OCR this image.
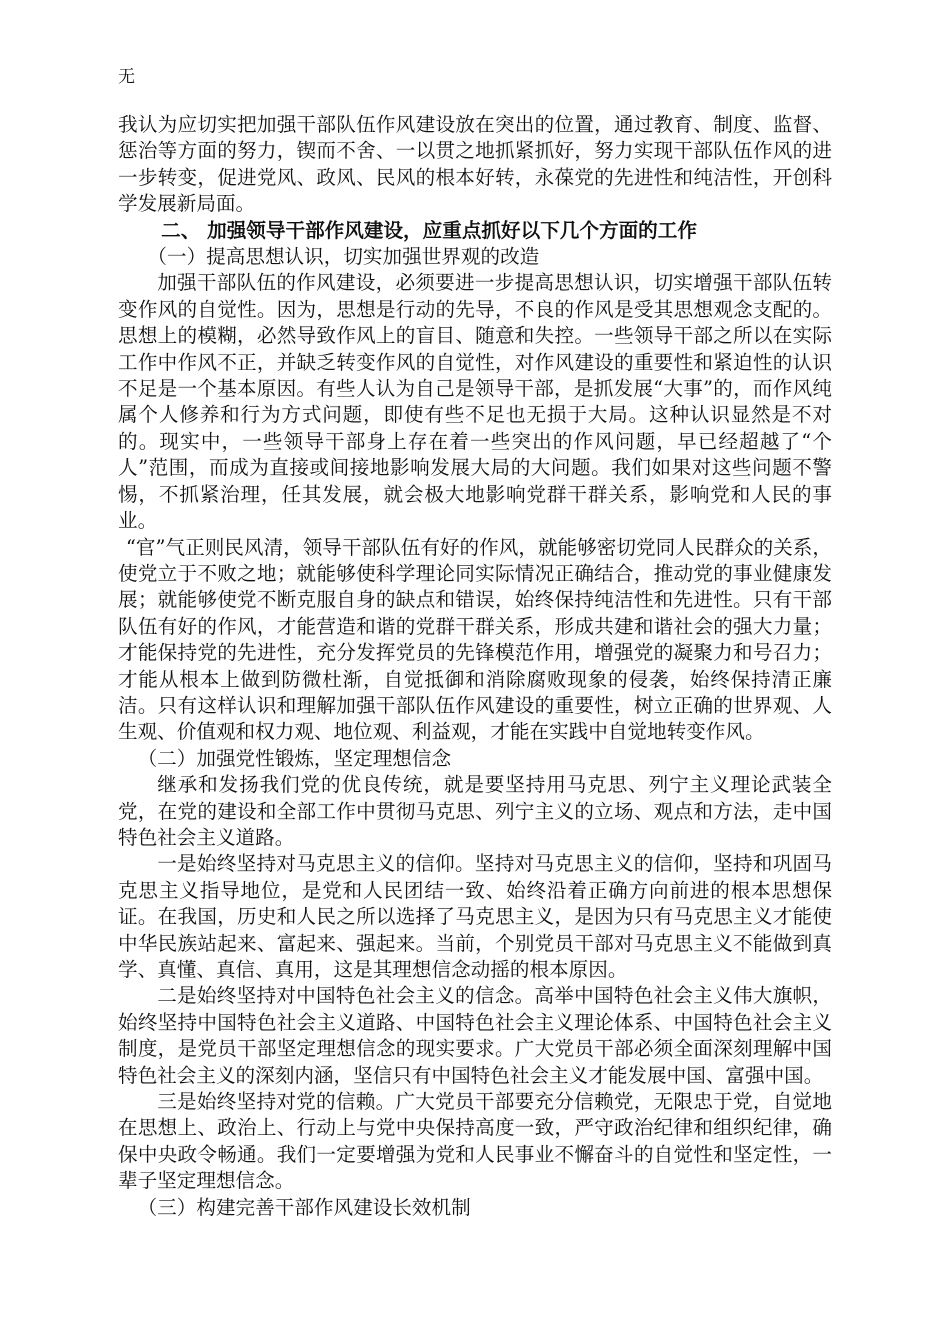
无

我认为应切实把加强干部队伍作风建设放在突出的位置，通过教育、制度、监督、惩治等方面的努力，锲而不舍、一以贯之地抓紧抓好，努力实现干部队伍作风的进一步转变，促进党风、政风、民风的根本好转，永葆党的先进性和纯洁性，开创科学发展新局面。

二、 加强领导干部作风建设，应重点抓好以下几个方面的工作

（一）提高思想认识，切实加强世界观的改造

加强干部队伍的作风建设，必须要进一步提高思想认识，切实增强干部队伍转变作风的自觉性。因为，思想是行动的先导，不良的作风是受其思想观念支配的。思想上的模糊，必然导致作风上的盲目、随意和失控。一些领导干部之所以在实际工作中作风不正，并缺乏转变作风的自觉性，对作风建设的重要性和紧迫性的认识不足是一个基本原因。有些人认为自己是领导干部，是抓发展“大事”的，而作风纯属个人修养和行为方式问题，即使有些不足也无损于大局。这种认识显然是不对的。现实中，一些领导干部身上存在着一些突出的作风问题，早已经超越了“个人”范围，而成为直接或间接地影响发展大局的大问题。我们如果对这些问题不警惕，不抓紧治理，任其发展，就会极大地影响党群干群关系，影响党和人民的事业。

“官”气正则民风清，领导干部队伍有好的作风，就能够密切党同人民群众的关系，使党立于不败之地；就能够使科学理论同实际情况正确结合，推动党的事业健康发展；就能够使党不断克服自身的缺点和错误，始终保持纯洁性和先进性。只有干部队伍有好的作风，才能营造和谐的党群干群关系，形成共建和谐社会的强大力量；才能保持党的先进性，充分发挥党员的先锋模范作用，增强党的凝聚力和号召力；才能从根本上做到防微杜渐，自觉抵御和消除腐败现象的侵袭，始终保持清正廉洁。只有这样认识和理解加强干部队伍作风建设的重要性，树立正确的世界观、人生观、价值观和权力观、地位观、利益观，才能在实践中自觉地转变作风。

（二）加强党性锻炼，坚定理想信念

继承和发扬我们党的优良传统，就是要坚持用马克思、列宁主义理论武装全党，在党的建设和全部工作中贯彻马克思、列宁主义的立场、观点和方法，走中国特色社会主义道路。

一是始终坚持对马克思主义的信仰。坚持对马克思主义的信仰，坚持和巩固马克思主义指导地位，是党和人民团结一致、始终沿着正确方向前进的根本思想保证。在我国，历史和人民之所以选择了马克思主义，是因为只有马克思主义才能使中华民族站起来、富起来、强起来。当前，个别党员干部对马克思主义不能做到真学、真懂、真信、真用，这是其理想信念动摇的根本原因。

二是始终坚持对中国特色社会主义的信念。高举中国特色社会主义伟大旗帜，始终坚持中国特色社会主义道路、中国特色社会主义理论体系、中国特色社会主义制度，是党员干部坚定理想信念的现实要求。广大党员干部必须全面深刻理解中国特色社会主义的深刻内涵，坚信只有中国特色社会主义才能发展中国、富强中国。

三是始终坚持对党的信赖。广大党员干部要充分信赖党，无限忠于党，自觉地在思想上、政治上、行动上与党中央保持高度一致，严守政治纪律和组织纪律，确保中央政令畅通。我们一定要增强为党和人民事业不懈奋斗的自觉性和坚定性，一辈子坚定理想信念。

（三）构建完善干部作风建设长效机制
